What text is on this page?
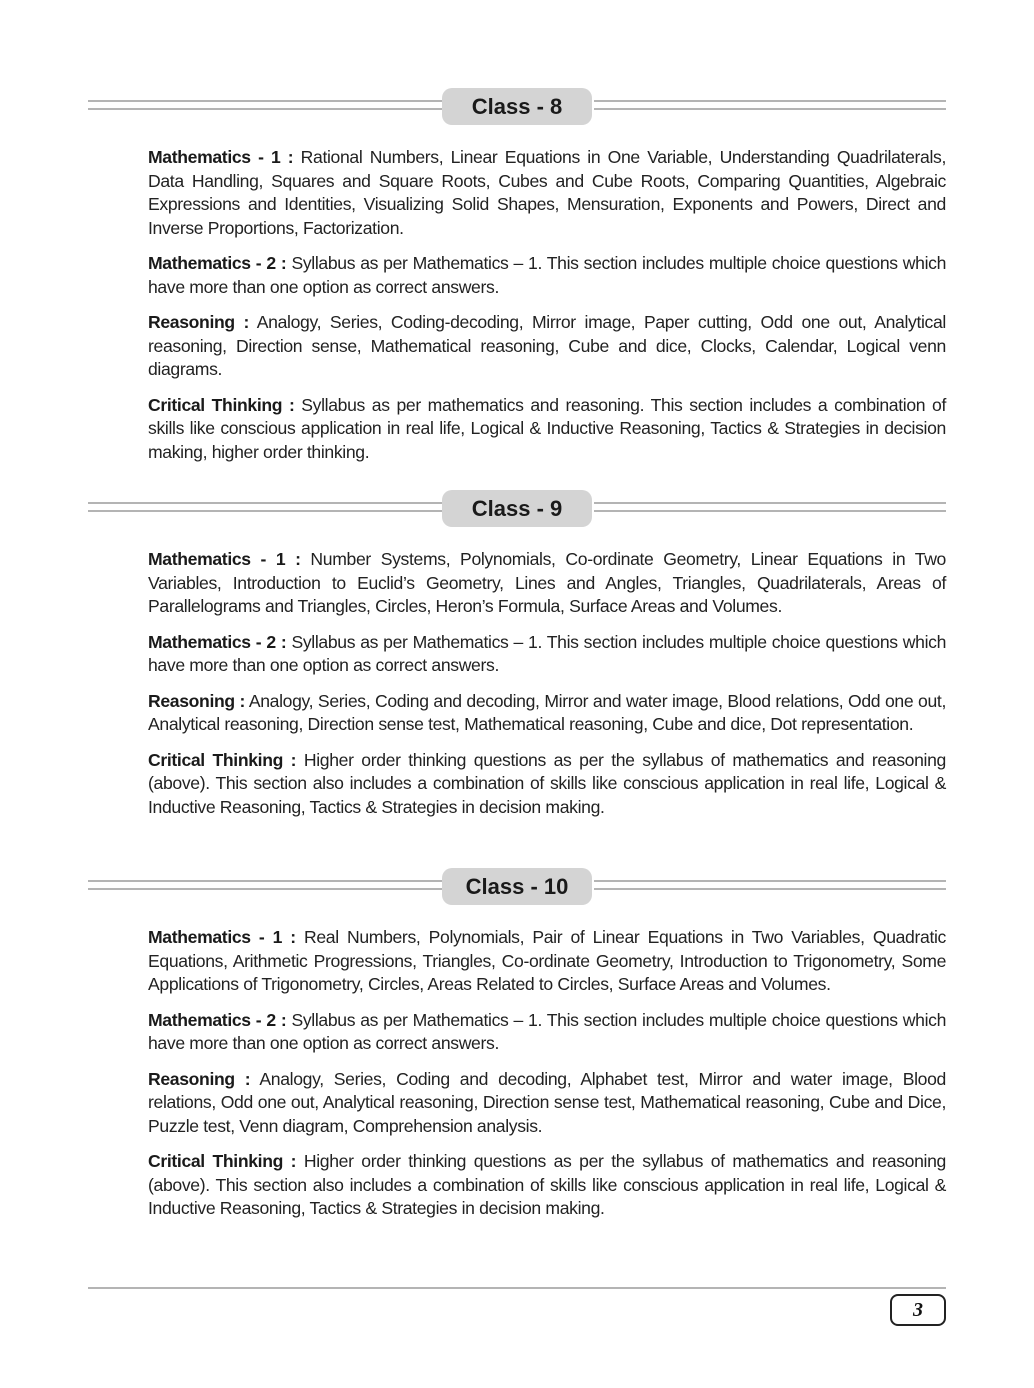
Class - 8

Mathematics - 1 : Rational Numbers, Linear Equations in One Variable, Understanding Quadrilaterals, Data Handling, Squares and Square Roots, Cubes and Cube Roots, Comparing Quantities, Algebraic Expressions and Identities, Visualizing Solid Shapes, Mensuration, Exponents and Powers, Direct and Inverse Proportions, Factorization.

Mathematics - 2 : Syllabus as per Mathematics – 1. This section includes multiple choice questions which have more than one option as correct answers.

Reasoning : Analogy, Series, Coding-decoding, Mirror image, Paper cutting, Odd one out, Analytical reasoning, Direction sense, Mathematical reasoning, Cube and dice, Clocks, Calendar, Logical venn diagrams.

Critical Thinking : Syllabus as per mathematics and reasoning. This section includes a combination of skills like conscious application in real life, Logical & Inductive Reasoning, Tactics & Strategies in decision making, higher order thinking.

Class - 9

Mathematics - 1 : Number Systems, Polynomials, Co-ordinate Geometry, Linear Equations in Two Variables, Introduction to Euclid’s Geometry, Lines and Angles, Triangles, Quadrilaterals, Areas of Parallelograms and Triangles, Circles, Heron’s Formula, Surface Areas and Volumes.

Mathematics - 2 : Syllabus as per Mathematics – 1. This section includes multiple choice questions which have more than one option as correct answers.

Reasoning : Analogy, Series, Coding and decoding, Mirror and water image, Blood relations, Odd one out, Analytical reasoning, Direction sense test, Mathematical reasoning, Cube and dice, Dot representation.

Critical Thinking : Higher order thinking questions as per the syllabus of mathematics and reasoning (above). This section also includes a combination of skills like conscious application in real life, Logical & Inductive Reasoning, Tactics & Strategies in decision making.

Class - 10

Mathematics - 1 : Real Numbers, Polynomials, Pair of Linear Equations in Two Variables, Quadratic Equations, Arithmetic Progressions, Triangles, Co-ordinate Geometry, Introduction to Trigonometry, Some Applications of Trigonometry, Circles, Areas Related to Circles, Surface Areas and Volumes.

Mathematics - 2 : Syllabus as per Mathematics – 1. This section includes multiple choice questions which have more than one option as correct answers.

Reasoning : Analogy, Series, Coding and decoding, Alphabet test, Mirror and water image, Blood relations, Odd one out, Analytical reasoning, Direction sense test, Mathematical reasoning, Cube and Dice, Puzzle test, Venn diagram, Comprehension analysis.

Critical Thinking : Higher order thinking questions as per the syllabus of mathematics and reasoning (above). This section also includes a combination of skills like conscious application in real life, Logical & Inductive Reasoning, Tactics & Strategies in decision making.

3
